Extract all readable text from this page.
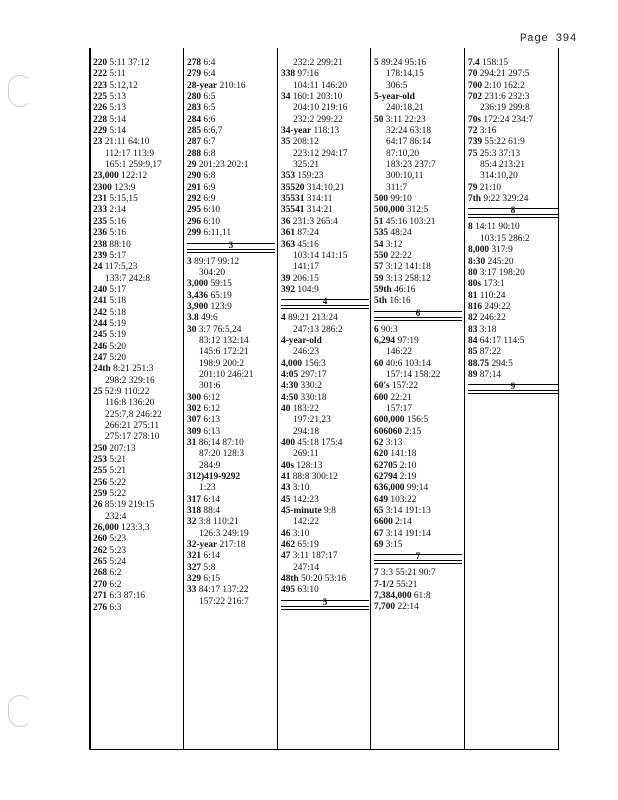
Page 394
220 5:11 37:12
222 5:11
223 5:12,12
225 5:13
226 5:13
228 5:14
229 5:14
23 21:11 64:10
112:17 113:9
165:1 259:9,17
23,000 122:12
2300 123:9
231 5:15,15
233 2:14
235 5:16
236 5:16
238 88:10
239 5:17
24 117:5,23
133:7 242:8
240 5:17
241 5:18
242 5:18
244 5:19
245 5:19
246 5:20
247 5:20
24th 8:21 251:3
298:2 329:16
25 52:9 110:22
116:8 136:20
225:7,8 246:22
266:21 275:11
275:17 278:10
250 207:13
253 5:21
255 5:21
256 5:22
259 5:22
26 85:19 219:15
232:4
26,000 123:3,3
260 5:23
262 5:23
265 5:24
268 6:2
270 6:2
271 6:3 87:16
276 6:3
278 6:4
279 6:4
28-year 210:16
280 6:5
283 6:5
284 6:6
285 6:6,7
287 6:7
288 6:8
29 201:23 202:1
290 6:8
291 6:9
292 6:9
295 6:10
296 6:10
299 6:11,11
3
3 89:17 99:12
304:20
3,000 59:15
3,436 65:19
3,900 123:9
3.8 49:6
30 3:7 76:5,24
83:12 132:14
145:6 172:21
198:9 200:2
201:10 246:21
301:6
300 6:12
302 6:12
307 6:13
309 6:13
31 86:14 87:10
87:20 128:3
284:9
312)419-9292
1:23
317 6:14
318 88:4
32 3:8 110:21
126:3 249:19
32-year 217:18
321 6:14
327 5:8
329 6:15
33 84:17 137:22
157:22 216:7
232:2 299:21
338 97:16
104:11 146:20
34 160:1 203:10
204:10 219:16
232:2 299:22
34-year 118:13
35 208:12
223:12 294:17
325:21
353 159:23
35520 314:10,21
35531 314:11
35541 314:21
36 231:3 265:4
361 87:24
363 45:16
103:14 141:15
141:17
39 206:15
392 104:9
4
4 89:21 213:24
247:13 286:2
4-year-old
246:23
4,000 156:3
4:05 297:17
4:30 330:2
4:50 330:18
40 183:22
197:21,23
294:18
400 45:18 175:4
269:11
40s 128:13
41 88:8 300:12
43 3:10
45 142:23
45-minute 9:8
142:22
46 3:10
462 65:19
47 3:11 187:17
247:14
48th 50:20 53:16
495 63:10
5
5 89:24 95:16
178:14,15
306:5
5-year-old
240:18,21
50 3:11 22:23
32:24 63:18
64:17 86:14
87:10,20
183:23 237:7
300:10,11
311:7
500 99:10
500,000 312:5
51 45:16 103:21
535 48:24
54 3:12
550 22:22
57 3:12 141:18
59 3:13 258:12
59th 46:16
5th 16:16
6
6 90:3
6,294 97:19
146:22
60 40:6 103:14
157:14 158:22
60's 157:22
600 22:21
157:17
600,000 156:5
606060 2:15
62 3:13
620 141:18
62705 2:10
62794 2:19
636,000 99:14
649 103:22
65 3:14 191:13
6600 2:14
67 3:14 191:14
69 3:15
7
7 3:3 55:21 90:7
7-1/2 55:21
7,384,000 61:8
7,700 22:14
7.4 158:15
70 294:21 297:5
700 2:10 162:2
702 231:6 232:3
236:19 299:8
70s 172:24 234:7
72 3:16
739 55:22 61:9
75 25:3 37:13
85:4 213:21
314:10,20
79 21:10
7th 9:22 329:24
8
8 14:11 90:10
103:15 286:2
8,000 317:9
8:30 245:20
80 3:17 198:20
80s 173:1
81 110:24
816 249:22
82 246:22
83 3:18
84 64:17 114:5
85 87:22
88.75 294:5
89 87:14
9
